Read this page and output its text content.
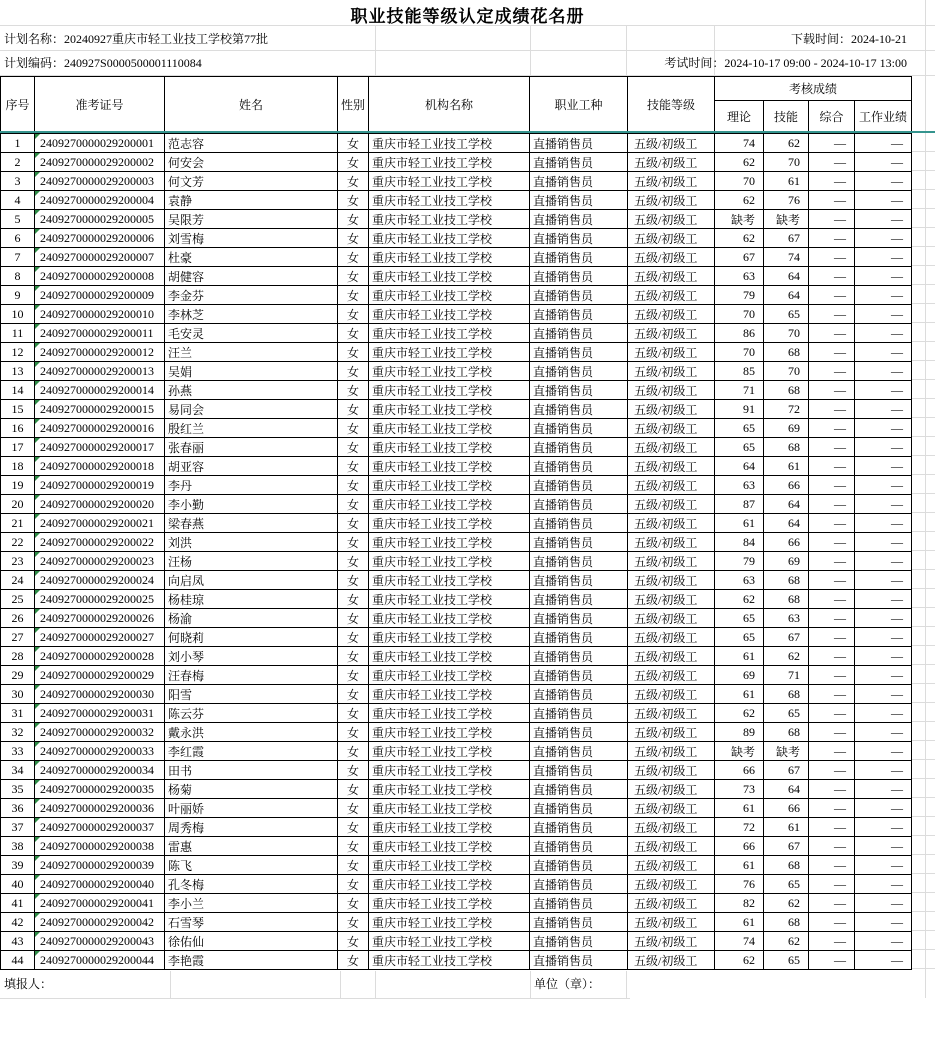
职业技能等级认定成绩花名册
计划名称：20240927重庆市轻工业技工学校第77批	下载时间：2024-10-21
计划编码：240927S0000500001110084	考试时间：2024-10-17 09:00 - 2024-10-17 13:00
序号	准考证号	姓名	性别	机构名称	职业工种	技能等级
考核成绩
理论	技能	综合	工作业绩
1	2409270000029200001	范志容	女	重庆市轻工业技工学校	直播销售员	五级/初级工	74	62	—	—
2	2409270000029200002	何安会	女	重庆市轻工业技工学校	直播销售员	五级/初级工	62	70	—	—
3	2409270000029200003	何文芳	女	重庆市轻工业技工学校	直播销售员	五级/初级工	70	61	—	—
4	2409270000029200004	袁静	女	重庆市轻工业技工学校	直播销售员	五级/初级工	62	76	—	—
5	2409270000029200005	吴限芳	女	重庆市轻工业技工学校	直播销售员	五级/初级工	缺考	缺考	—	—
6	2409270000029200006	刘雪梅	女	重庆市轻工业技工学校	直播销售员	五级/初级工	62	67	—	—
7	2409270000029200007	杜豪	女	重庆市轻工业技工学校	直播销售员	五级/初级工	67	74	—	—
8	2409270000029200008	胡健容	女	重庆市轻工业技工学校	直播销售员	五级/初级工	63	64	—	—
9	2409270000029200009	李金芬	女	重庆市轻工业技工学校	直播销售员	五级/初级工	79	64	—	—
10	2409270000029200010	李林芝	女	重庆市轻工业技工学校	直播销售员	五级/初级工	70	65	—	—
11	2409270000029200011	毛安灵	女	重庆市轻工业技工学校	直播销售员	五级/初级工	86	70	—	—
12	2409270000029200012	汪兰	女	重庆市轻工业技工学校	直播销售员	五级/初级工	70	68	—	—
13	2409270000029200013	吴娟	女	重庆市轻工业技工学校	直播销售员	五级/初级工	85	70	—	—
14	2409270000029200014	孙燕	女	重庆市轻工业技工学校	直播销售员	五级/初级工	71	68	—	—
15	2409270000029200015	易同会	女	重庆市轻工业技工学校	直播销售员	五级/初级工	91	72	—	—
16	2409270000029200016	殷红兰	女	重庆市轻工业技工学校	直播销售员	五级/初级工	65	69	—	—
17	2409270000029200017	张春丽	女	重庆市轻工业技工学校	直播销售员	五级/初级工	65	68	—	—
18	2409270000029200018	胡亚容	女	重庆市轻工业技工学校	直播销售员	五级/初级工	64	61	—	—
19	2409270000029200019	李丹	女	重庆市轻工业技工学校	直播销售员	五级/初级工	63	66	—	—
20	2409270000029200020	李小勤	女	重庆市轻工业技工学校	直播销售员	五级/初级工	87	64	—	—
21	2409270000029200021	梁春燕	女	重庆市轻工业技工学校	直播销售员	五级/初级工	61	64	—	—
22	2409270000029200022	刘洪	女	重庆市轻工业技工学校	直播销售员	五级/初级工	84	66	—	—
23	2409270000029200023	汪杨	女	重庆市轻工业技工学校	直播销售员	五级/初级工	79	69	—	—
24	2409270000029200024	向启凤	女	重庆市轻工业技工学校	直播销售员	五级/初级工	63	68	—	—
25	2409270000029200025	杨桂琼	女	重庆市轻工业技工学校	直播销售员	五级/初级工	62	68	—	—
26	2409270000029200026	杨渝	女	重庆市轻工业技工学校	直播销售员	五级/初级工	65	63	—	—
27	2409270000029200027	何晓莉	女	重庆市轻工业技工学校	直播销售员	五级/初级工	65	67	—	—
28	2409270000029200028	刘小琴	女	重庆市轻工业技工学校	直播销售员	五级/初级工	61	62	—	—
29	2409270000029200029	汪春梅	女	重庆市轻工业技工学校	直播销售员	五级/初级工	69	71	—	—
30	2409270000029200030	阳雪	女	重庆市轻工业技工学校	直播销售员	五级/初级工	61	68	—	—
31	2409270000029200031	陈云芬	女	重庆市轻工业技工学校	直播销售员	五级/初级工	62	65	—	—
32	2409270000029200032	戴永洪	女	重庆市轻工业技工学校	直播销售员	五级/初级工	89	68	—	—
33	2409270000029200033	李红霞	女	重庆市轻工业技工学校	直播销售员	五级/初级工	缺考	缺考	—	—
34	2409270000029200034	田书	女	重庆市轻工业技工学校	直播销售员	五级/初级工	66	67	—	—
35	2409270000029200035	杨菊	女	重庆市轻工业技工学校	直播销售员	五级/初级工	73	64	—	—
36	2409270000029200036	叶丽娇	女	重庆市轻工业技工学校	直播销售员	五级/初级工	61	66	—	—
37	2409270000029200037	周秀梅	女	重庆市轻工业技工学校	直播销售员	五级/初级工	72	61	—	—
38	2409270000029200038	雷惠	女	重庆市轻工业技工学校	直播销售员	五级/初级工	66	67	—	—
39	2409270000029200039	陈飞	女	重庆市轻工业技工学校	直播销售员	五级/初级工	61	68	—	—
40	2409270000029200040	孔冬梅	女	重庆市轻工业技工学校	直播销售员	五级/初级工	76	65	—	—
41	2409270000029200041	李小兰	女	重庆市轻工业技工学校	直播销售员	五级/初级工	82	62	—	—
42	2409270000029200042	石雪琴	女	重庆市轻工业技工学校	直播销售员	五级/初级工	61	68	—	—
43	2409270000029200043	徐佑仙	女	重庆市轻工业技工学校	直播销售员	五级/初级工	74	62	—	—
44	2409270000029200044	李艳霞	女	重庆市轻工业技工学校	直播销售员	五级/初级工	62	65	—	—
填报人：	单位（章）：
